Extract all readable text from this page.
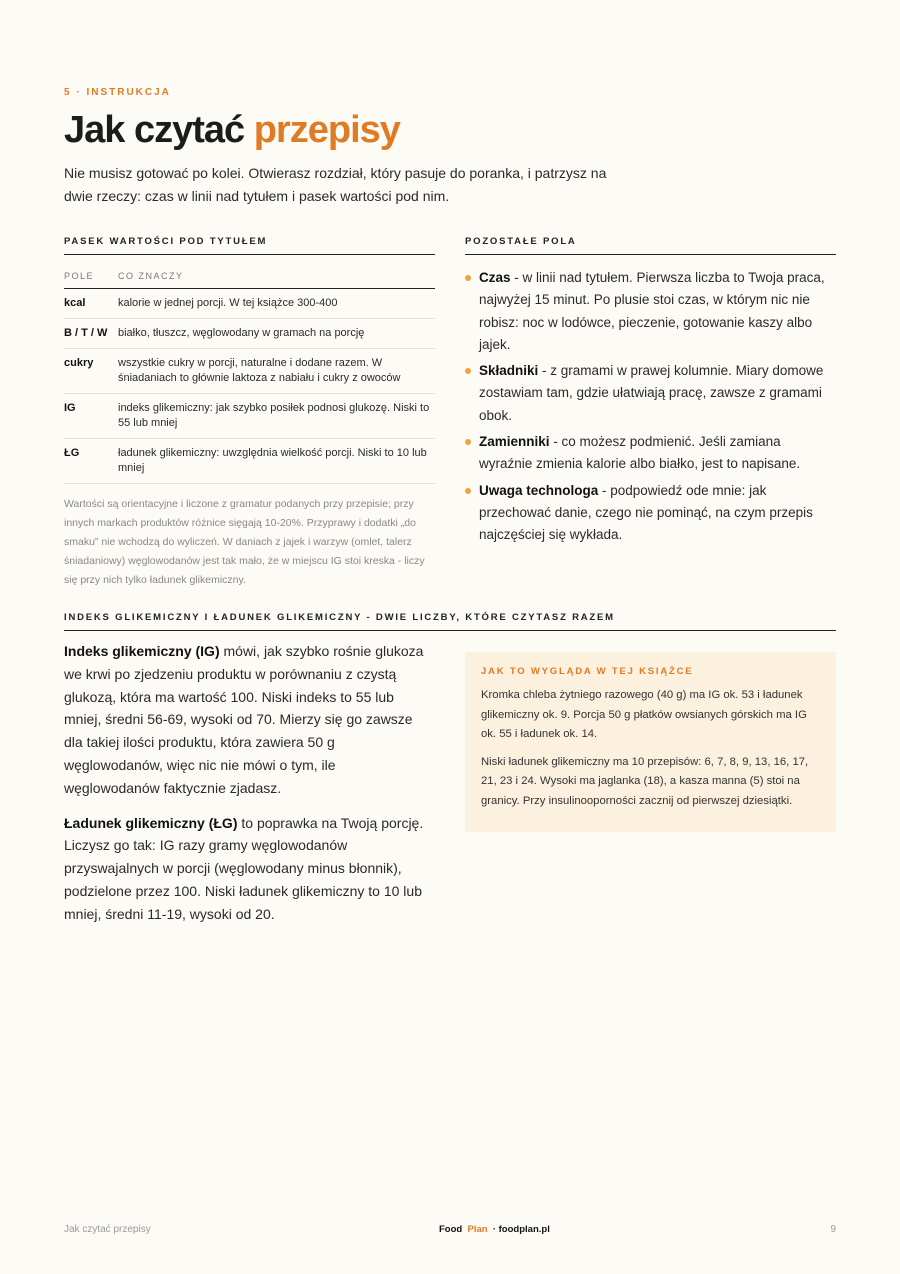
5 · INSTRUKCJA
Jak czytać przepisy

Nie musisz gotować po kolei. Otwierasz rozdział, który pasuje do poranka, i patrzysz na dwie rzeczy: czas w linii nad tytułem i pasek wartości pod nim.

PASEK WARTOŚCI POD TYTUŁEM
POLE	CO ZNACZY
kcal	kalorie w jednej porcji. W tej książce 300-400
B / T / W	białko, tłuszcz, węglowodany w gramach na porcję
cukry	wszystkie cukry w porcji, naturalne i dodane razem. W śniadaniach to głównie laktoza z nabiału i cukry z owoców
IG	indeks glikemiczny: jak szybko posiłek podnosi glukozę. Niski to 55 lub mniej
ŁG	ładunek glikemiczny: uwzględnia wielkość porcji. Niski to 10 lub mniej
Wartości są orientacyjne i liczone z gramatur podanych przy przepisie; przy innych markach produktów różnice sięgają 10-20%. Przyprawy i dodatki „do smaku” nie wchodzą do wyliczeń. W daniach z jajek i warzyw (omlet, talerz śniadaniowy) węglowodanów jest tak mało, że w miejscu IG stoi kreska - liczy się przy nich tylko ładunek glikemiczny.
POZOSTAŁE POLA
Czas - w linii nad tytułem. Pierwsza liczba to Twoja praca, najwyżej 15 minut. Po plusie stoi czas, w którym nic nie robisz: noc w lodówce, pieczenie, gotowanie kaszy albo jajek.
Składniki - z gramami w prawej kolumnie. Miary domowe zostawiam tam, gdzie ułatwiają pracę, zawsze z gramami obok.
Zamienniki - co możesz podmienić. Jeśli zamiana wyraźnie zmienia kalorie albo białko, jest to napisane.
Uwaga technologa - podpowiedź ode mnie: jak przechować danie, czego nie pominąć, na czym przepis najczęściej się wykłada.
INDEKS GLIKEMICZNY I ŁADUNEK GLIKEMICZNY - DWIE LICZBY, KTÓRE CZYTASZ RAZEM

Indeks glikemiczny (IG) mówi, jak szybko rośnie glukoza we krwi po zjedzeniu produktu w porównaniu z czystą glukozą, która ma wartość 100. Niski indeks to 55 lub mniej, średni 56-69, wysoki od 70. Mierzy się go zawsze dla takiej ilości produktu, która zawiera 50 g węglowodanów, więc nic nie mówi o tym, ile węglowodanów faktycznie zjadasz.

Ładunek glikemiczny (ŁG) to poprawka na Twoją porcję. Liczysz go tak: IG razy gramy węglowodanów przyswajalnych w porcji (węglowodany minus błonnik), podzielone przez 100. Niski ładunek glikemiczny to 10 lub mniej, średni 11-19, wysoki od 20.

JAK TO WYGLĄDA W TEJ KSIĄŻCE

Kromka chleba żytniego razowego (40 g) ma IG ok. 53 i ładunek glikemiczny ok. 9. Porcja 50 g płatków owsianych górskich ma IG ok. 55 i ładunek ok. 14.

Niski ładunek glikemiczny ma 10 przepisów: 6, 7, 8, 9, 13, 16, 17, 21, 23 i 24. Wysoki ma jaglanka (18), a kasza manna (5) stoi na granicy. Przy insulinooporności zacznij od pierwszej dziesiątki.

Jak czytać przepisy	Food Plan · foodplan.pl	9
